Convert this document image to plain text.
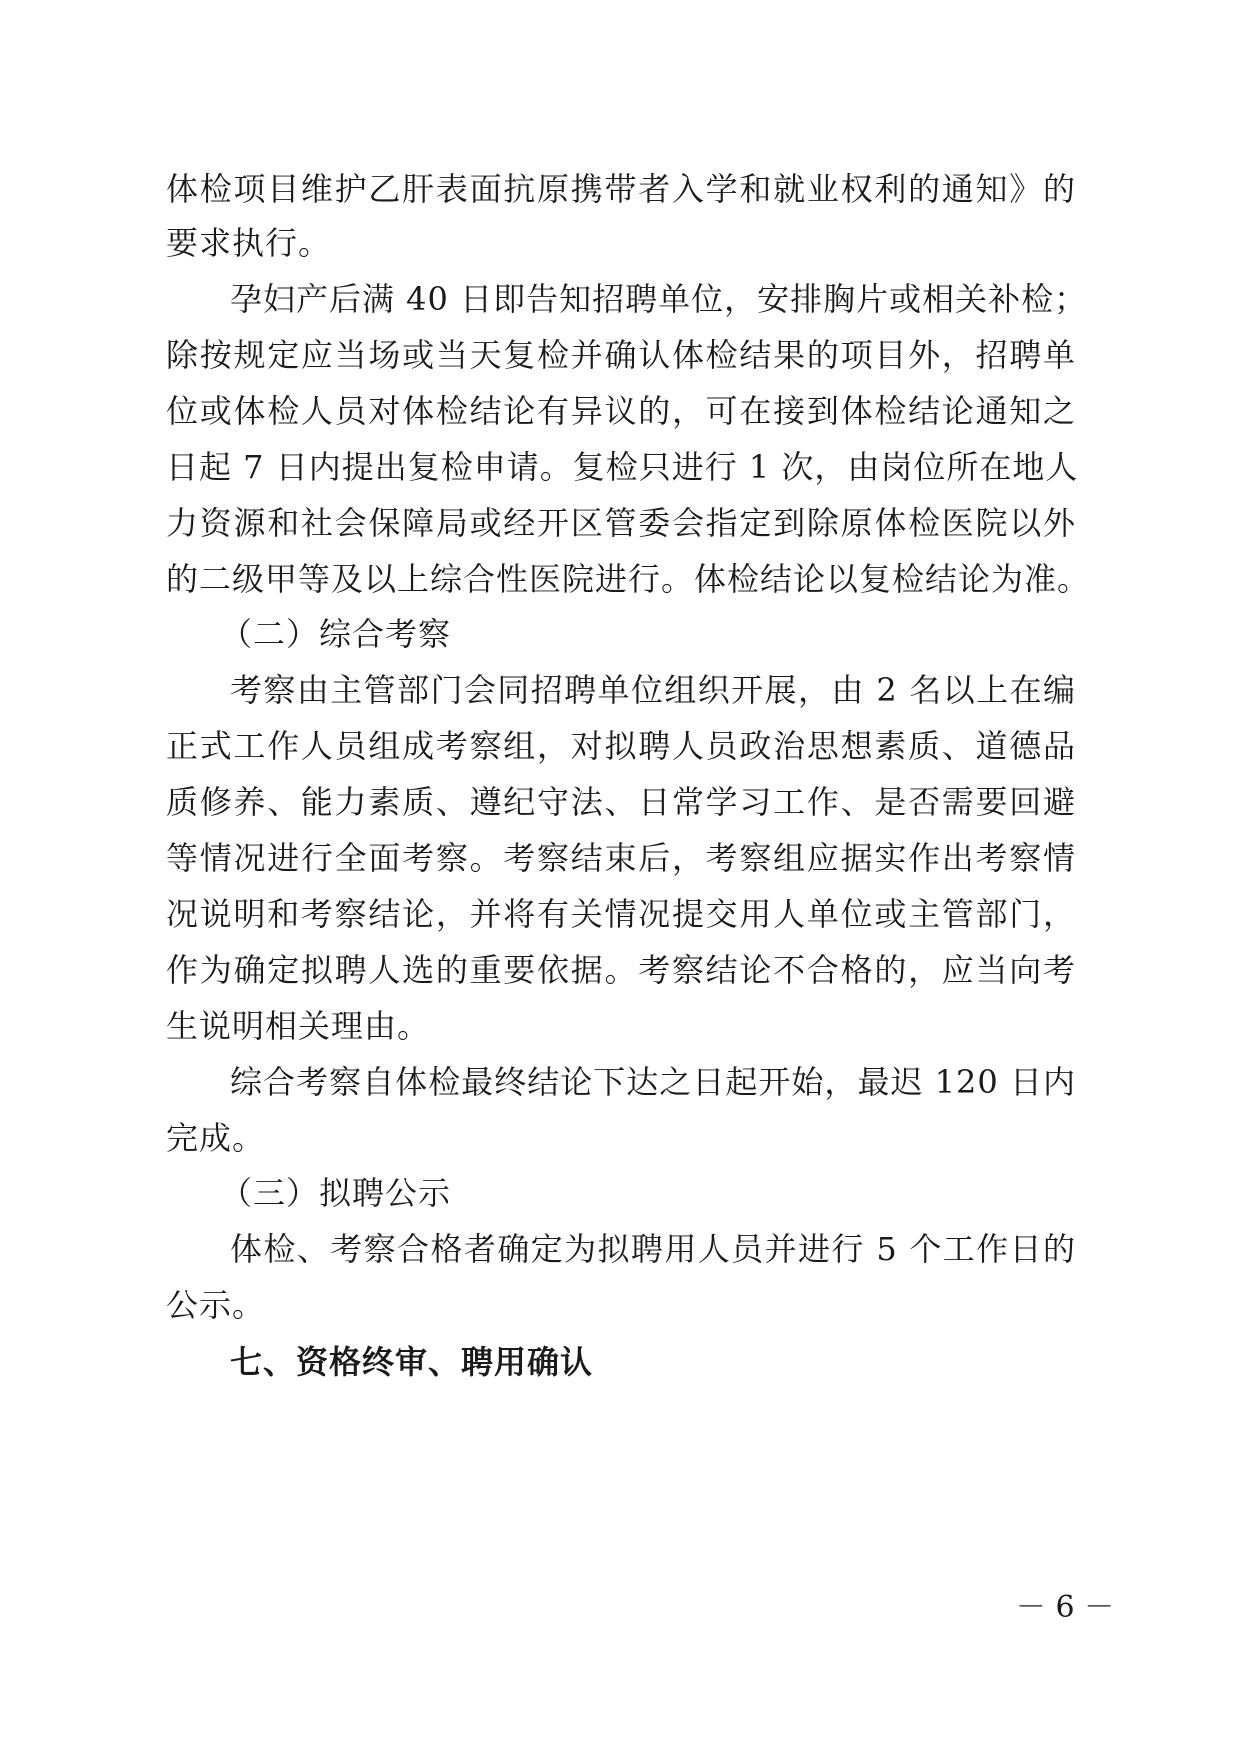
体检项目维护乙肝表面抗原携带者入学和就业权利的通知》的
要求执行。
孕妇产后满 40 日即告知招聘单位，安排胸片或相关补检；
除按规定应当场或当天复检并确认体检结果的项目外，招聘单
位或体检人员对体检结论有异议的，可在接到体检结论通知之
日起 7 日内提出复检申请。复检只进行 1 次，由岗位所在地人
力资源和社会保障局或经开区管委会指定到除原体检医院以外
的二级甲等及以上综合性医院进行。体检结论以复检结论为准。
（二）综合考察
考察由主管部门会同招聘单位组织开展，由 2 名以上在编
正式工作人员组成考察组，对拟聘人员政治思想素质、道德品
质修养、能力素质、遵纪守法、日常学习工作、是否需要回避
等情况进行全面考察。考察结束后，考察组应据实作出考察情
况说明和考察结论，并将有关情况提交用人单位或主管部门，
作为确定拟聘人选的重要依据。考察结论不合格的，应当向考
生说明相关理由。
综合考察自体检最终结论下达之日起开始，最迟 120 日内
完成。
（三）拟聘公示
体检、考察合格者确定为拟聘用人员并进行 5 个工作日的
公示。
七、资格终审、聘用确认
－ 6 －
